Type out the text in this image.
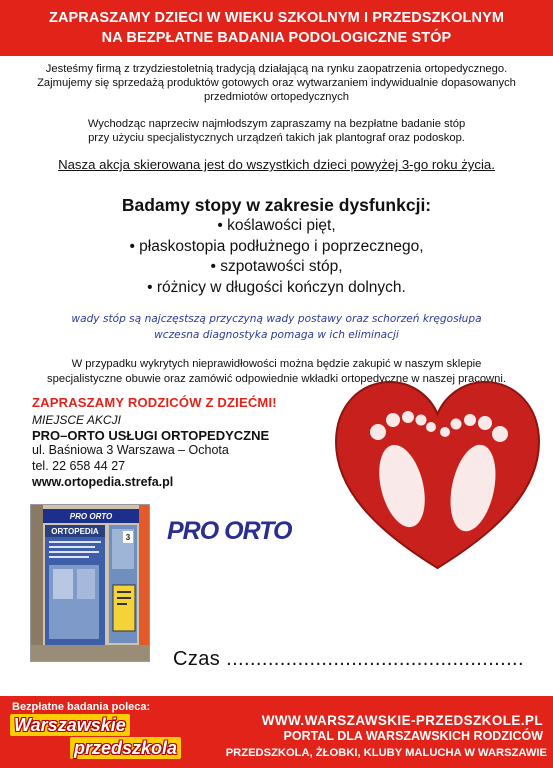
ZAPRASZAMY DZIECI W WIEKU SZKOLNYM I PRZEDSZKOLNYM
NA BEZPŁATNE BADANIA PODOLOGICZNE STÓP
Jesteśmy firmą z trzydziestoletnią tradycją działającą na rynku zaopatrzenia ortopedycznego.
Zajmujemy się sprzedażą produktów gotowych oraz wytwarzaniem indywidualnie dopasowanych
przedmiotów ortopedycznych
Wychodząc naprzeciw najmłodszym zapraszamy na bezpłatne badanie stóp
przy użyciu specjalistycznych urządzeń takich jak plantograf oraz podoskop.
Nasza akcja skierowana jest do wszystkich dzieci powyżej 3-go roku życia.
Badamy stopy w zakresie dysfunkcji:
• koślawości pięt,
• płaskostopia podłużnego i poprzecznego,
• szpotawości stóp,
• różnicy w długości kończyn dolnych.
wady stóp są najczęstszą przyczyną wady postawy oraz schorzeń kręgosłupa
wczesna diagnostyka pomaga w ich eliminacji
W przypadku wykrytych nieprawidłowości można będzie zakupić w naszym sklepie
specjalistyczne obuwie oraz zamówić odpowiednie wkładki ortopedyczne w naszej pracowni.
ZAPRASZAMY RODZICÓW Z DZIEĆMI!
MIEJSCE AKCJI
PRO–ORTO USŁUGI ORTOPEDYCZNE
ul. Baśniowa 3 Warszawa – Ochota
tel. 22 658 44 27
www.ortopedia.strefa.pl
PRO ORTO
ORTOPEDIA
3 PRO ORTO
Czas ..................................................
Bezpłatne badania poleca:
Warszawskie
przedszkola
WWW.WARSZAWSKIE-PRZEDSZKOLE.PL
PORTAL DLA WARSZAWSKICH RODZICÓW
PRZEDSZKOLA, ŻŁOBKI, KLUBY MALUCHA W WARSZAWIE
